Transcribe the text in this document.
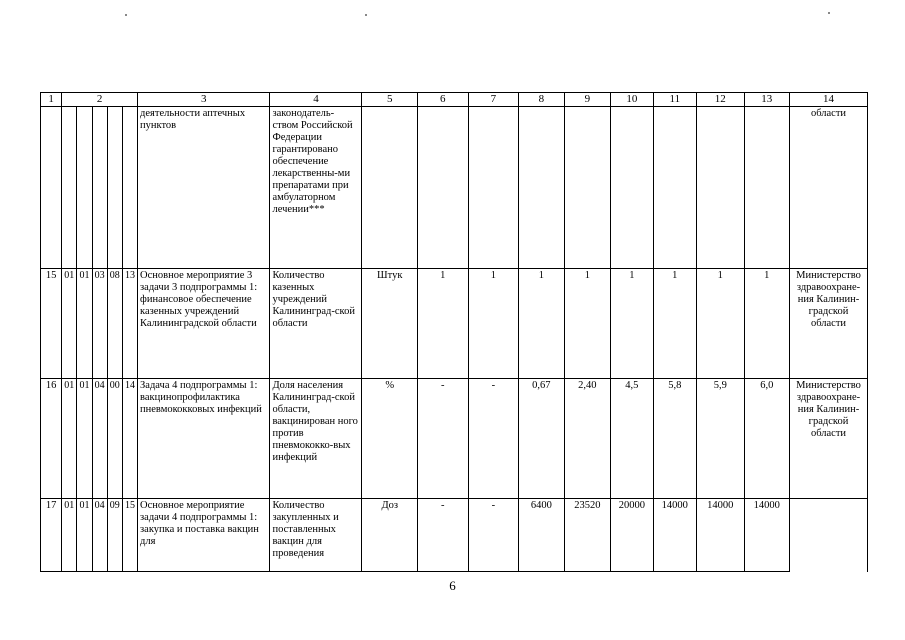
1	2					3	4	5	6	7	8	9	10	11	12	13	14
						деятельности аптечных пунктов	законодатель-ством Российской Федерации гарантировано обеспечение лекарственны-ми препаратами при амбулаторном лечении***										области
15	01	01	03	08	13	Основное мероприятие 3 задачи 3 подпрограммы 1: финансовое обеспечение казенных учреждений Калининградской области	Количество казенных учреждений Калининград-ской области	Штук	1	1	1	1	1	1	1	1	Министерство здравоохране-ния Калинин-градской области
16	01	01	04	00	14	Задача 4 подпрограммы 1: вакцинопрофилактика пневмококковых инфекций	Доля населения Калининград-ской области, вакцинирован ного против пневмококко-вых инфекций	%	-	-	0,67	2,40	4,5	5,8	5,9	6,0	Министерство здравоохране-ния Калинин-градской области
17	01	01	04	09	15	Основное мероприятие задачи 4 подпрограммы 1: закупка и поставка вакцин для	Количество закупленных и поставленных вакцин для проведения	Доз	-	-	6400	23520	20000	14000	14000	14000	
6
